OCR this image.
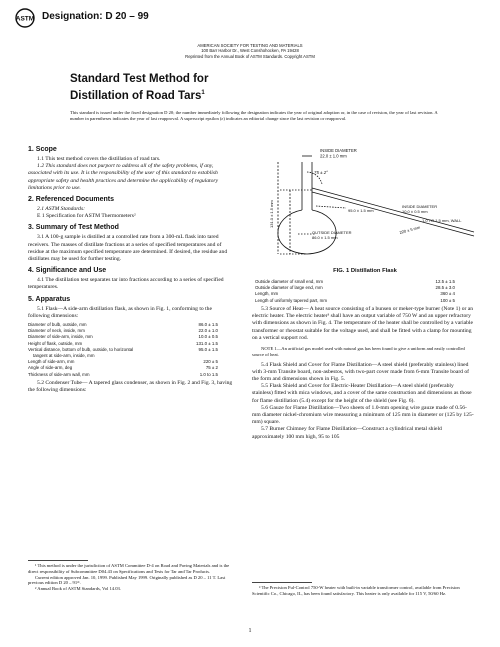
ASTM Designation: D 20 – 99
AMERICAN SOCIETY FOR TESTING AND MATERIALS
100 Barr Harbor Dr., West Conshohocken, PA 19428
Reprinted from the Annual Book of ASTM Standards. Copyright ASTM
Standard Test Method for
Distillation of Road Tars$^1$

This standard is issued under the fixed designation D 20; the number immediately following the designation indicates the year of original adoption or, in the case of revision, the year of last revision. A number in parentheses indicates the year of last reapproval. A superscript epsilon (ε) indicates an editorial change since the last revision or reapproval.

1. Scope

1.1 This test method covers the distillation of road tars.

1.2 This standard does not purport to address all of the safety problems, if any, associated with its use. It is the responsibility of the user of this standard to establish appropriate safety and health practices and determine the applicability of regulatory limitations prior to use.

2. Referenced Documents

2.1 ASTM Standards:

E 1 Specification for ASTM Thermometers²

3. Summary of Test Method

3.1 A 100-g sample is distilled at a controlled rate from a 300-mL flask into tared receivers. The masses of distillate fractions at a series of specified temperatures and of residue at the maximum specified temperature are determined. If desired, the residue and distillates may be used for further testing.

4. Significance and Use

4.1 The distillation test separates tar into fractions according to a series of specified temperatures.

5. Apparatus

5.1 Flask—A side-arm distillation flask, as shown in Fig. 1, conforming to the following dimensions:

Diameter of bulb, outside, mm	86.0 ± 1.5
Diameter of neck, inside, mm	22.0 ± 1.0
Diameter of side-arm, inside, mm	10.0 ± 0.5
Height of flask, outside, mm	131.0 ± 1.5
Vertical distance, bottom of bulb, outside, to horizontal	95.0 ± 1.5
tangent at side-arm, inside, mm
Length of side-arm, mm	220 ± 5
Angle of side-arm, deg	75 ± 2
Thickness of side-arm wall, mm	1.0 to 1.5

5.2 Condenser Tube— A tapered glass condenser, as shown in Fig. 2 and Fig. 3, having the following dimensions:

¹ This method is under the jurisdiction of ASTM Committee D-4 on Road and Paving Materials and is the direct responsibility of Subcommittee D04.43 on Specifications and Tests for Tar and Tar Products.

Current edition approved Jan. 10, 1999. Published May 1999. Originally published as D 20 – 11 T. Last previous edition D 20 – 91ᵉ¹.

² Annual Book of ASTM Standards, Vol 14.03.

INSIDE DIAMETER
22.0 ± 1.0 mm
75 ± 2°
INSIDE DIAMETER
10.0 ± 0.5 mm
1.0 TO 1.5 mm, WALL
OUTSIDE DIAMETER
86.0 ± 1.5 mm
95.0 ± 1.5 mm
220 ± 5 mm
131.0 ± 1.5 mm
FIG. 1 Distillation Flask
Outside diameter of small end, mm	12.5 ± 1.5
Outside diameter of large end, mm	28.5 ± 3.0
Length, mm	360 ± 4
Length of uniformly tapered part, mm	100 ± 5

5.3 Source of Heat— A heat source consisting of a bunsen or meker-type burner (Note 1) or an electric heater. The electric heater³ shall have an output variable of 750 W and an upper refractory with dimensions as shown in Fig. 4. The temperature of the heater shall be controlled by a variable transformer or rheostat suitable for the voltage used, and shall be fitted with a clamp for mounting on a vertical support rod.

NOTE 1—An artificial gas model used with natural gas has been found to give a uniform and easily controlled source of heat.

5.4 Flask Shield and Cover for Flame Distillation—A steel shield (preferably stainless) lined with 3-mm Transite board, non-asbestos, with two-part cover made from 6-mm Transite board of the form and dimensions shown in Fig. 5.

5.5 Flask Shield and Cover for Electric-Heater Distillation—A steel shield (preferably stainless) fitted with mica windows, and a cover of the same construction and dimensions as those for flame distillation (5.4) except for the height of the shield (see Fig. 6).

5.6 Gauze for Flame Distillation—Two sheets of 1.0-mm opening wire gauze made of 0.56-mm diameter nickel-chromium wire measuring a minimum of 125 mm in diameter or (125 by 125-mm) square.

5.7 Burner Chimney for Flame Distillation—Construct a cylindrical metal shield approximately 100 mm high, 95 to 105

³ The Precision Ful-Control 750-W heater with built-in variable transformer control, available from Precision Scientific Co., Chicago, IL, has been found satisfactory. This heater is only available for 115 V, 50/60 Hz.

1
